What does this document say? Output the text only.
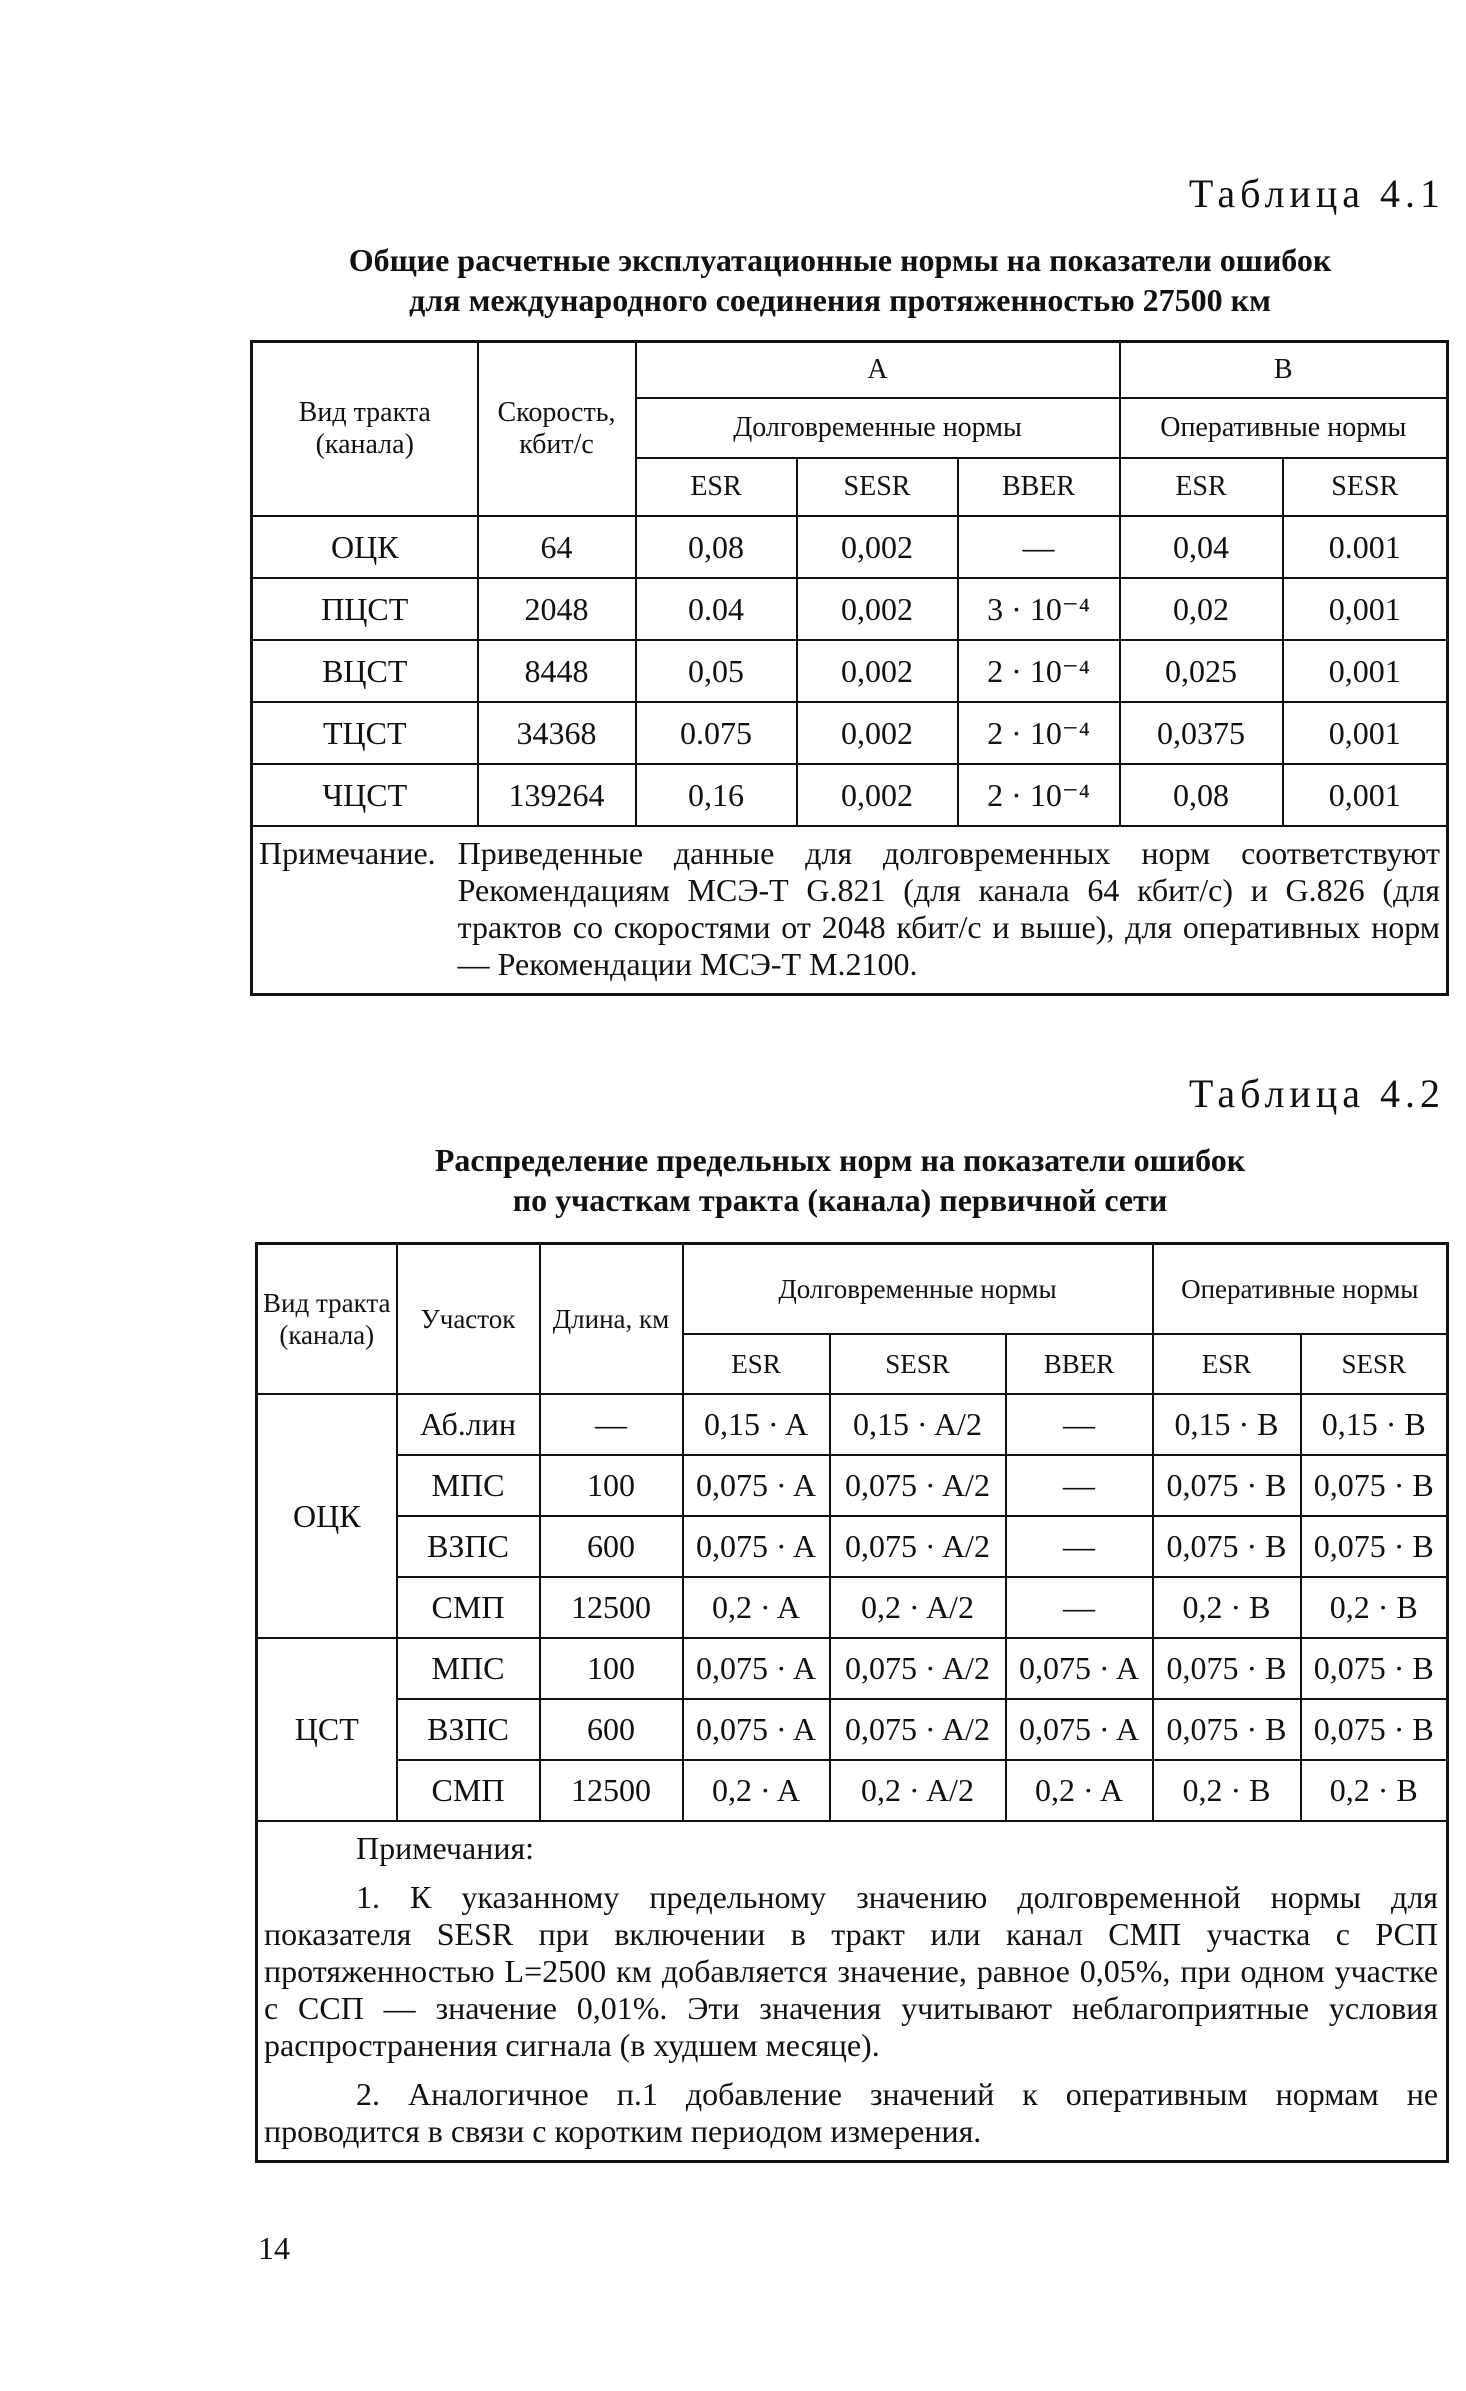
Таблица 4.1
Общие расчетные эксплуатационные нормы на показатели ошибок
для международного соединения протяженностью 27500 км
Вид тракта (канала)	Скорость, кбит/с	A			B	
		Долговременные нормы			Оперативные нормы	
		ESR	SESR	BBER	ESR	SESR
ОЦК	64	0,08	0,002	—	0,04	0.001
ПЦСТ	2048	0.04	0,002	3 · 10⁻⁴	0,02	0,001
ВЦСТ	8448	0,05	0,002	2 · 10⁻⁴	0,025	0,001
ТЦСТ	34368	0.075	0,002	2 · 10⁻⁴	0,0375	0,001
ЧЦСТ	139264	0,16	0,002	2 · 10⁻⁴	0,08	0,001

Примечание. Приведенные данные для долговременных норм соответствуют Рекомендациям МСЭ-Т G.821 (для канала 64 кбит/с) и G.826 (для трактов со скоростями от 2048 кбит/с и выше), для оперативных норм — Рекомендации МСЭ-Т М.2100.						
Таблица 4.2
Распределение предельных норм на показатели ошибок
по участкам тракта (канала) первичной сети
Вид тракта (канала)	Участок	Длина, км	Долговременные нормы			Оперативные нормы	
			ESR	SESR	BBER	ESR	SESR
ОЦК	Аб.лин	—	0,15 · A	0,15 · A/2	—	0,15 · B	0,15 · B
	МПС	100	0,075 · A	0,075 · A/2	—	0,075 · B	0,075 · B
	ВЗПС	600	0,075 · A	0,075 · A/2	—	0,075 · B	0,075 · B
	СМП	12500	0,2 · A	0,2 · A/2	—	0,2 · B	0,2 · B
ЦСТ	МПС	100	0,075 · A	0,075 · A/2	0,075 · A	0,075 · B	0,075 · B
	ВЗПС	600	0,075 · A	0,075 · A/2	0,075 · A	0,075 · B	0,075 · B
	СМП	12500	0,2 · A	0,2 · A/2	0,2 · A	0,2 · B	0,2 · B

Примечания:
1. К указанному предельному значению долговременной нормы для показателя SESR при включении в тракт или канал СМП участка с РСП протяженностью L=2500 км добавляется значение, равное 0,05%, при одном участке с ССП — значение 0,01%. Эти значения учитывают неблагоприятные условия распространения сигнала (в худшем месяце).
2. Аналогичное п.1 добавление значений к оперативным нормам не проводится в связи с коротким периодом измерения.							
14
